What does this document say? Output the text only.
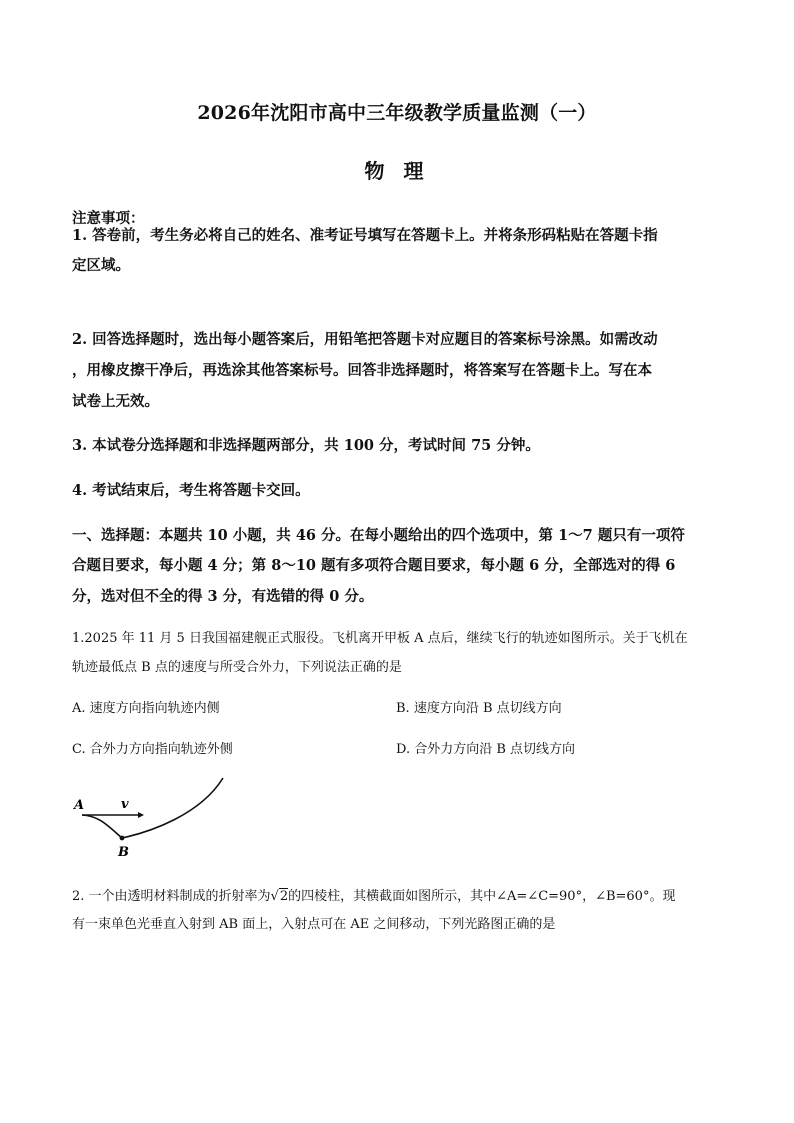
2026年沈阳市高中三年级教学质量监测（一）
物 理
注意事项：
1. 答卷前，考生务必将自己的姓名、准考证号填写在答题卡上。并将条形码粘贴在答题卡指
定区域。
2. 回答选择题时，选出每小题答案后，用铅笔把答题卡对应题目的答案标号涂黑。如需改动
，用橡皮擦干净后，再选涂其他答案标号。回答非选择题时，将答案写在答题卡上。写在本
试卷上无效。
3. 本试卷分选择题和非选择题两部分，共 100 分，考试时间 75 分钟。
4. 考试结束后，考生将答题卡交回。
一、选择题：本题共 10 小题，共 46 分。在每小题给出的四个选项中，第 1～7 题只有一项符
合题目要求，每小题 4 分；第 8～10 题有多项符合题目要求，每小题 6 分，全部选对的得 6
分，选对但不全的得 3 分，有选错的得 0 分。
1.2025 年 11 月 5 日我国福建舰正式服役。飞机离开甲板 A 点后，继续飞行的轨迹如图所示。关于飞机在
轨迹最低点 B 点的速度与所受合外力，下列说法正确的是
A. 速度方向指向轨迹内侧	B. 速度方向沿 B 点切线方向
C. 合外力方向指向轨迹外侧	D. 合外力方向沿 B 点切线方向
A	v
B
2. 一个由透明材料制成的折射率为√2的四棱柱，其横截面如图所示，其中∠A=∠C=90°，∠B=60°。现
有一束单色光垂直入射到 AB 面上，入射点可在 AE 之间移动，下列光路图正确的是
